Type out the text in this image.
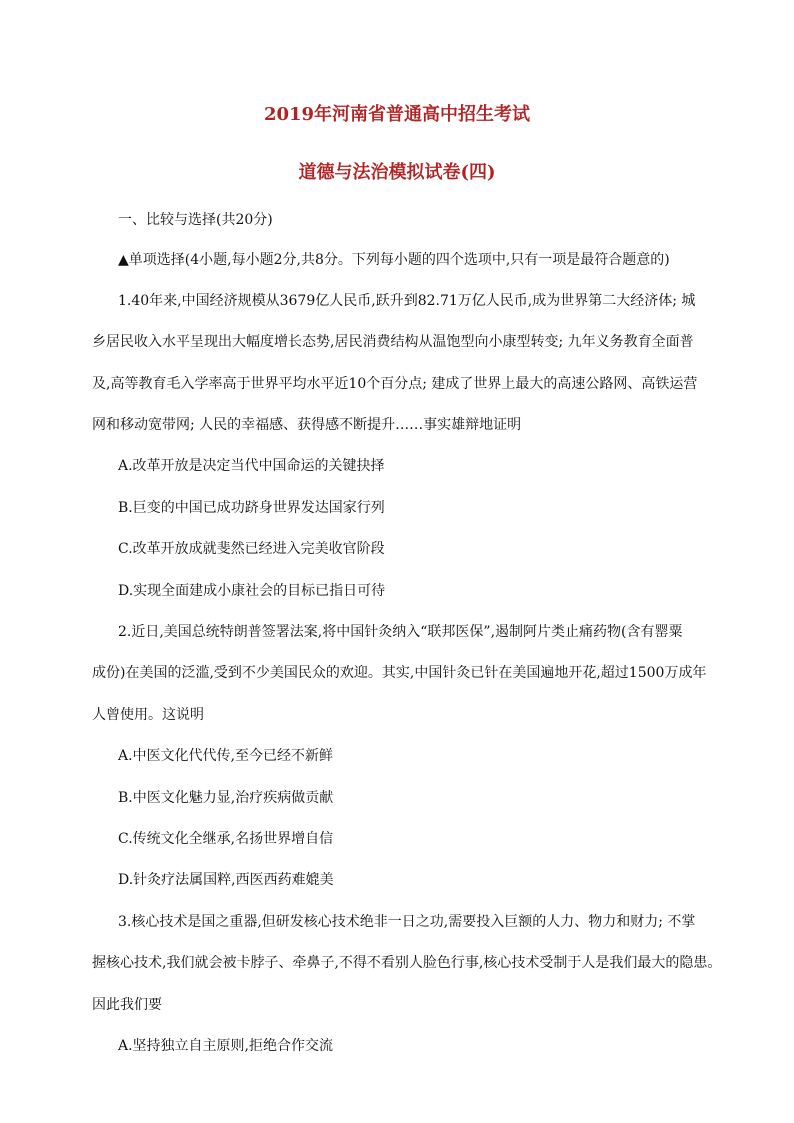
2019年河南省普通高中招生考试
道德与法治模拟试卷(四)
一、比较与选择(共20分)
▲单项选择(4小题,每小题2分,共8分。下列每小题的四个选项中,只有一项是最符合题意的)
1.40年来,中国经济规模从3679亿人民币,跃升到82.71万亿人民币,成为世界第二大经济体; 城
乡居民收入水平呈现出大幅度增长态势,居民消费结构从温饱型向小康型转变; 九年义务教育全面普
及,高等教育毛入学率高于世界平均水平近10个百分点; 建成了世界上最大的高速公路网、高铁运营
网和移动宽带网; 人民的幸福感、获得感不断提升……事实雄辩地证明
A.改革开放是决定当代中国命运的关键抉择
B.巨变的中国已成功跻身世界发达国家行列
C.改革开放成就斐然已经进入完美收官阶段
D.实现全面建成小康社会的目标已指日可待
2.近日,美国总统特朗普签署法案,将中国针灸纳入“联邦医保”,遏制阿片类止痛药物(含有罂粟
成份)在美国的泛滥,受到不少美国民众的欢迎。其实,中国针灸已针在美国遍地开花,超过1500万成年
人曾使用。这说明
A.中医文化代代传,至今已经不新鲜
B.中医文化魅力显,治疗疾病做贡献
C.传统文化全继承,名扬世界增自信
D.针灸疗法属国粹,西医西药难媲美
3.核心技术是国之重器,但研发核心技术绝非一日之功,需要投入巨额的人力、物力和财力; 不掌
握核心技术,我们就会被卡脖子、牵鼻子,不得不看别人脸色行事,核心技术受制于人是我们最大的隐患。
因此我们要
A.坚持独立自主原则,拒绝合作交流
